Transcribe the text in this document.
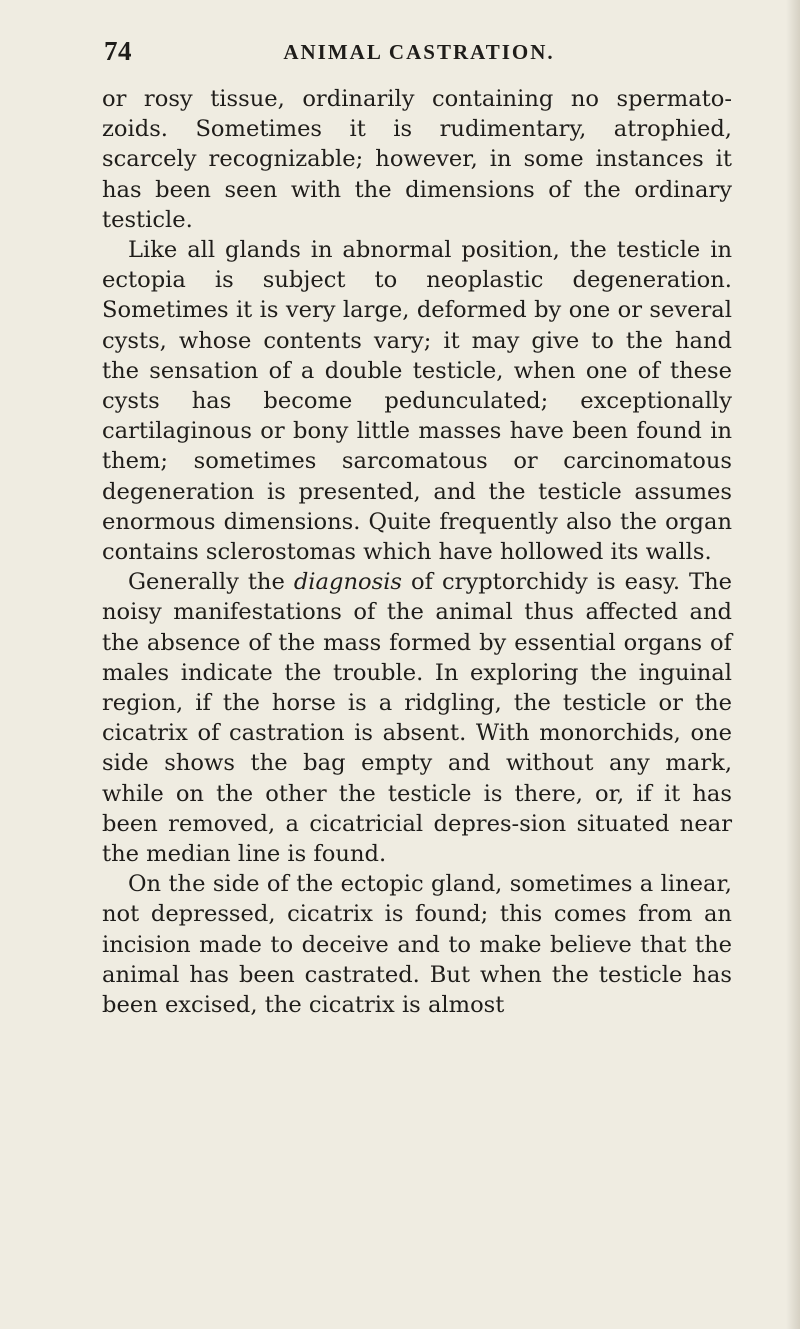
74	ANIMAL CASTRATION.

or rosy tissue, ordinarily containing no spermato-zoids. Sometimes it is rudimentary, atrophied, scarcely recognizable; however, in some instances it has been seen with the dimensions of the ordinary testicle.

Like all glands in abnormal position, the testicle in ectopia is subject to neoplastic degeneration. Sometimes it is very large, deformed by one or several cysts, whose contents vary; it may give to the hand the sensation of a double testicle, when one of these cysts has become pedunculated; exceptionally cartilaginous or bony little masses have been found in them; sometimes sarcomatous or carcinomatous degeneration is presented, and the testicle assumes enormous dimensions. Quite frequently also the organ contains sclerostomas which have hollowed its walls.

Generally the diagnosis of cryptorchidy is easy. The noisy manifestations of the animal thus affected and the absence of the mass formed by essential organs of males indicate the trouble. In exploring the inguinal region, if the horse is a ridgling, the testicle or the cicatrix of castration is absent. With monorchids, one side shows the bag empty and without any mark, while on the other the testicle is there, or, if it has been removed, a cicatricial depres-sion situated near the median line is found.

On the side of the ectopic gland, sometimes a linear, not depressed, cicatrix is found; this comes from an incision made to deceive and to make believe that the animal has been castrated. But when the testicle has been excised, the cicatrix is almost
